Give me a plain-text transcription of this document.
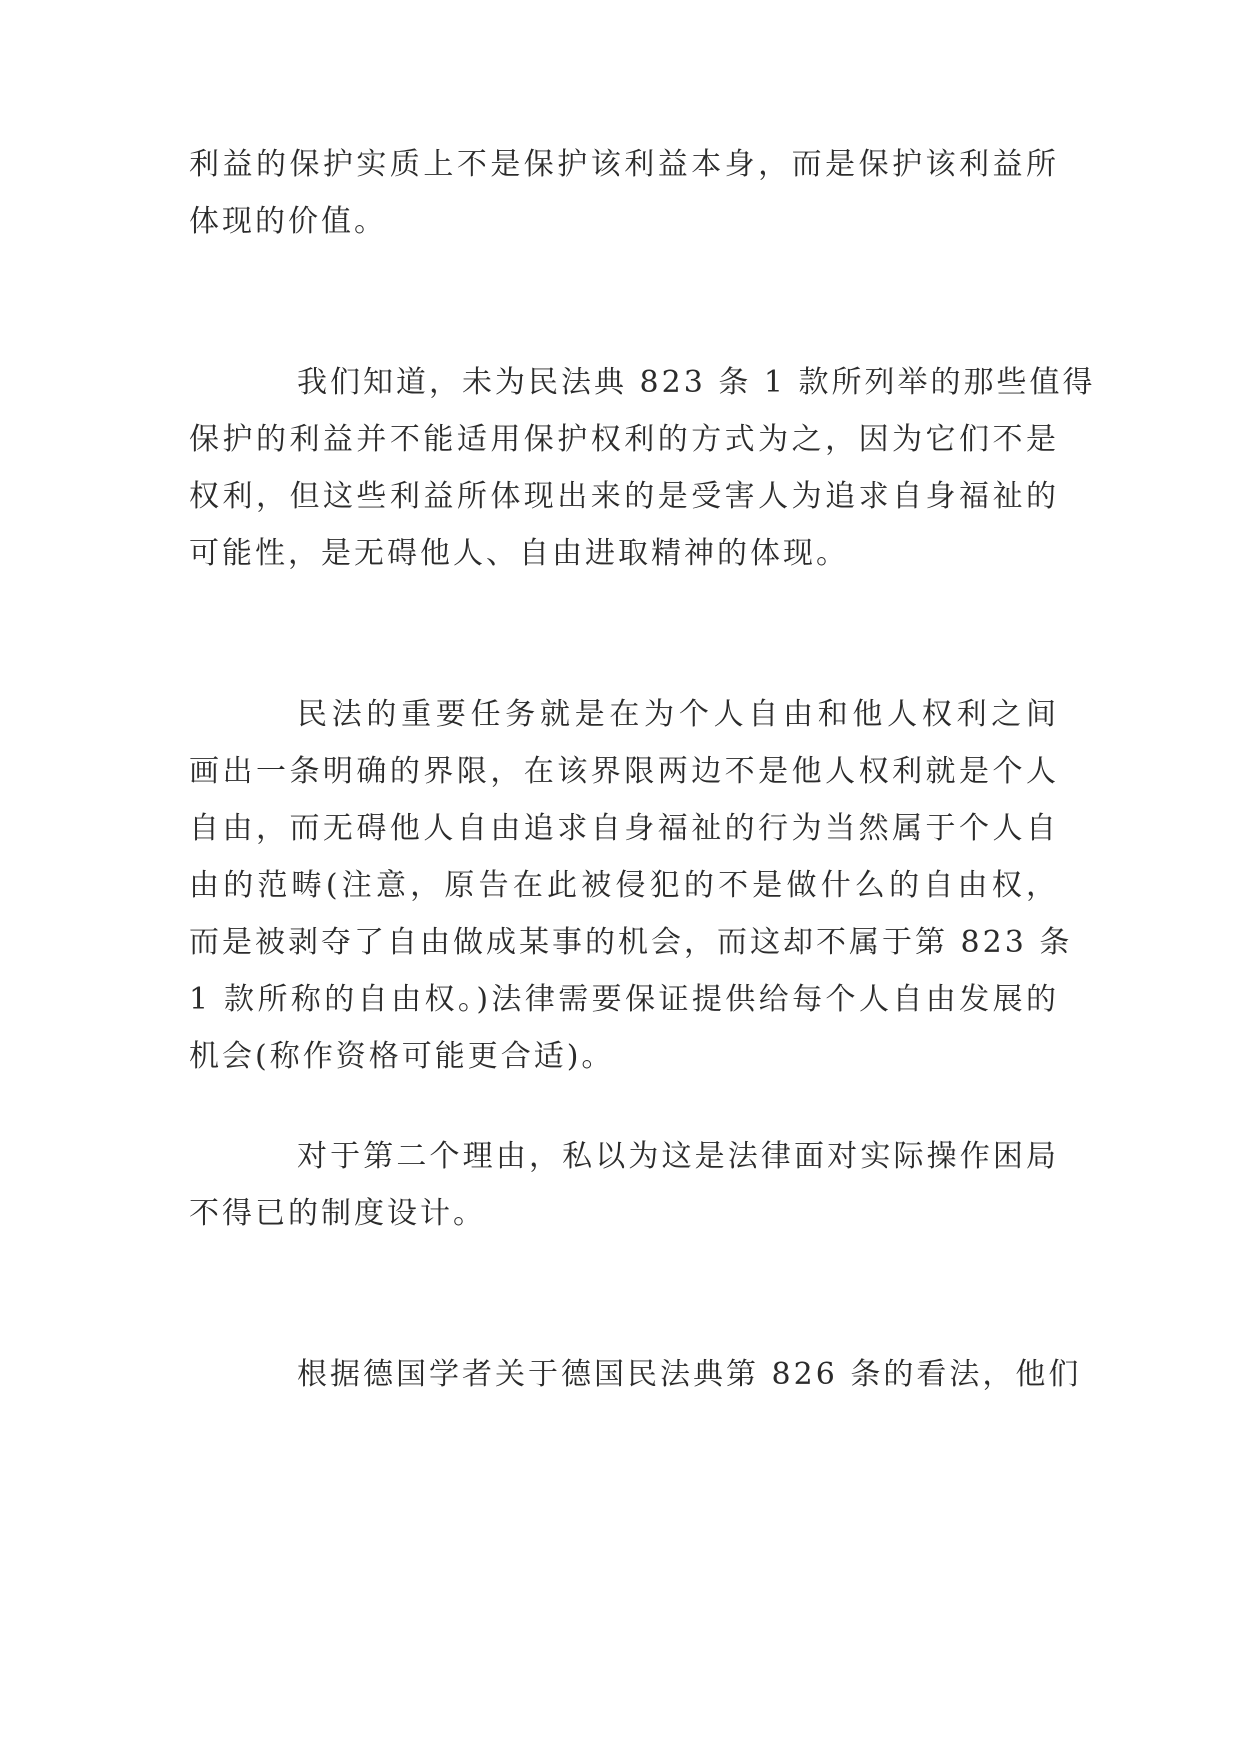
利益的保护实质上不是保护该利益本身，而是保护该利益所
体现的价值。

我们知道，未为民法典 823 条 1 款所列举的那些值得
保护的利益并不能适用保护权利的方式为之，因为它们不是
权利，但这些利益所体现出来的是受害人为追求自身福祉的
可能性，是无碍他人、自由进取精神的体现。

民法的重要任务就是在为个人自由和他人权利之间
画出一条明确的界限，在该界限两边不是他人权利就是个人
自由，而无碍他人自由追求自身福祉的行为当然属于个人自
由的范畴(注意，原告在此被侵犯的不是做什么的自由权，
而是被剥夺了自由做成某事的机会，而这却不属于第 823 条
1 款所称的自由权。)法律需要保证提供给每个人自由发展的
机会(称作资格可能更合适)。

对于第二个理由，私以为这是法律面对实际操作困局
不得已的制度设计。

根据德国学者关于德国民法典第 826 条的看法，他们
